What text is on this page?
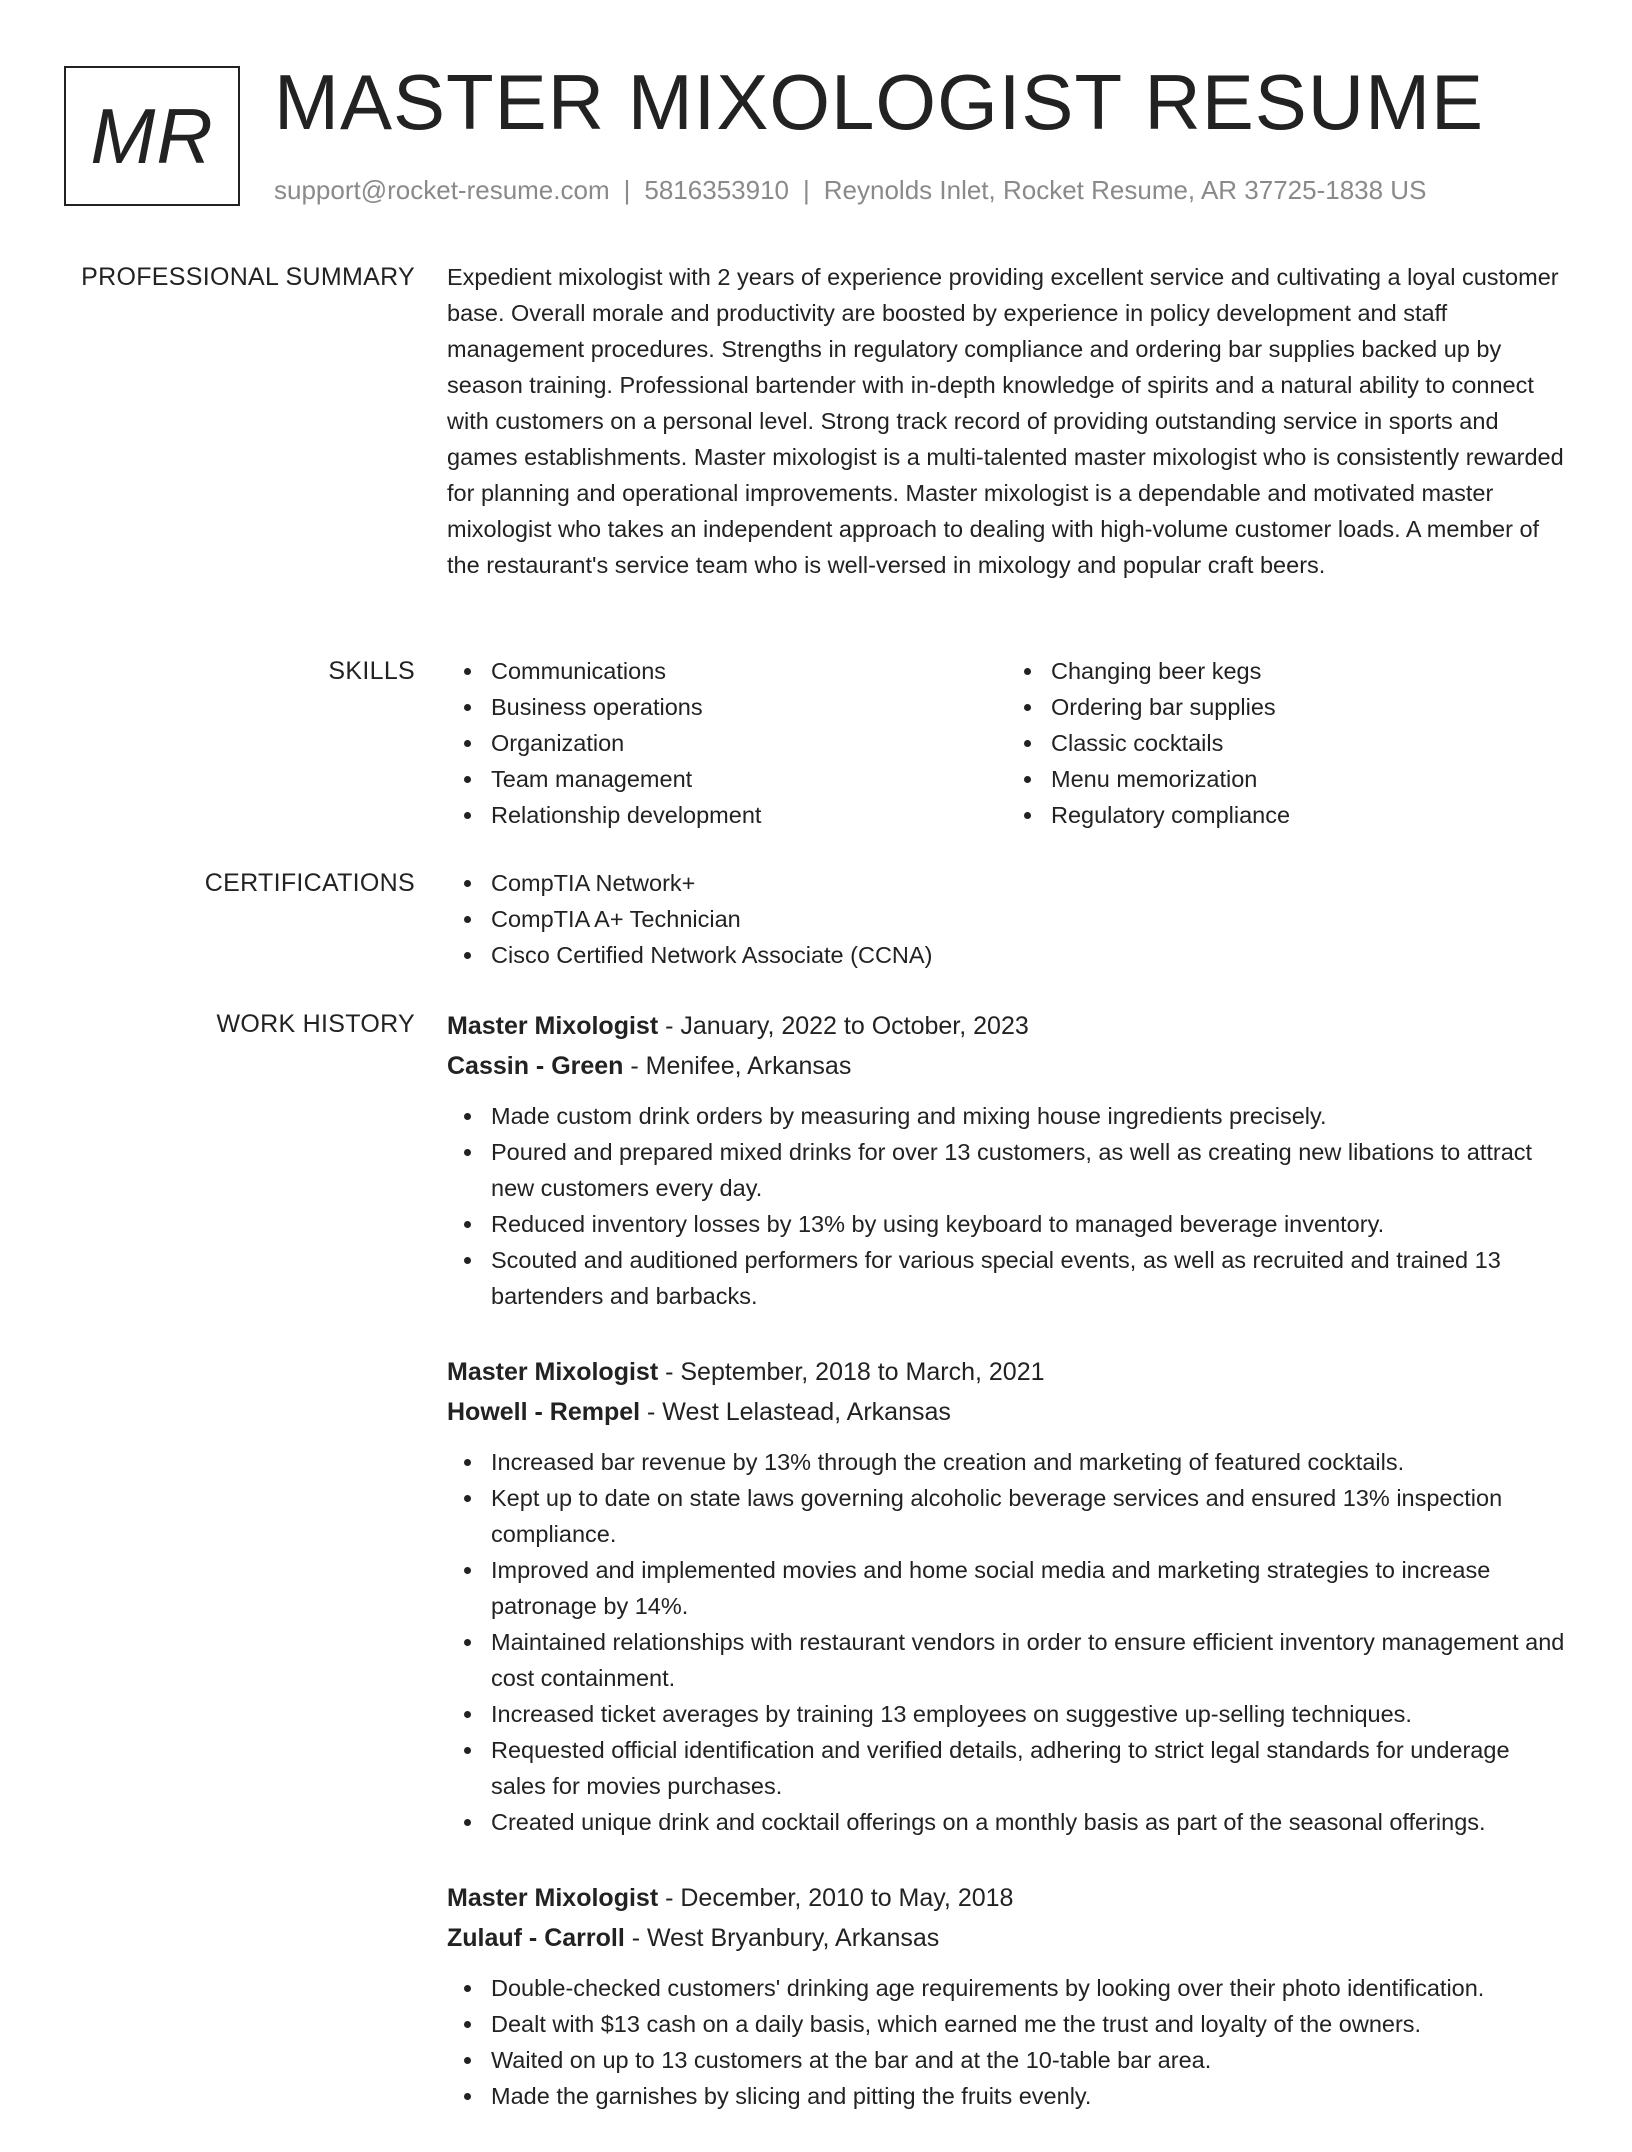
MR MASTER MIXOLOGIST RESUME
support@rocket-resume.com | 5816353910 | Reynolds Inlet, Rocket Resume, AR 37725-1838 US
PROFESSIONAL SUMMARY Expedient mixologist with 2 years of experience providing excellent service and cultivating a loyal customer base. Overall morale and productivity are boosted by experience in policy development and staff management procedures. Strengths in regulatory compliance and ordering bar supplies backed up by season training. Professional bartender with in-depth knowledge of spirits and a natural ability to connect with customers on a personal level. Strong track record of providing outstanding service in sports and games establishments. Master mixologist is a multi-talented master mixologist who is consistently rewarded for planning and operational improvements. Master mixologist is a dependable and motivated master mixologist who takes an independent approach to dealing with high-volume customer loads. A member of the restaurant's service team who is well-versed in mixology and popular craft beers.
SKILLS	Communications
Business operations
Organization
Team management
Relationship development
Changing beer kegs
Ordering bar supplies
Classic cocktails
Menu memorization
Regulatory compliance
CERTIFICATIONS	CompTIA Network+
CompTIA A+ Technician
Cisco Certified Network Associate (CCNA)
WORK HISTORY Master Mixologist - January, 2022 to October, 2023
Cassin - Green - Menifee, Arkansas
Made custom drink orders by measuring and mixing house ingredients precisely.
Poured and prepared mixed drinks for over 13 customers, as well as creating new libations to attract new customers every day.
Reduced inventory losses by 13% by using keyboard to managed beverage inventory.
Scouted and auditioned performers for various special events, as well as recruited and trained 13 bartenders and barbacks.
Master Mixologist - September, 2018 to March, 2021
Howell - Rempel - West Lelastead, Arkansas
Increased bar revenue by 13% through the creation and marketing of featured cocktails.
Kept up to date on state laws governing alcoholic beverage services and ensured 13% inspection compliance.
Improved and implemented movies and home social media and marketing strategies to increase patronage by 14%.
Maintained relationships with restaurant vendors in order to ensure efficient inventory management and cost containment.
Increased ticket averages by training 13 employees on suggestive up-selling techniques.
Requested official identification and verified details, adhering to strict legal standards for underage sales for movies purchases.
Created unique drink and cocktail offerings on a monthly basis as part of the seasonal offerings.
Master Mixologist - December, 2010 to May, 2018
Zulauf - Carroll - West Bryanbury, Arkansas
Double-checked customers' drinking age requirements by looking over their photo identification.
Dealt with $13 cash on a daily basis, which earned me the trust and loyalty of the owners.
Waited on up to 13 customers at the bar and at the 10-table bar area.
Made the garnishes by slicing and pitting the fruits evenly.
